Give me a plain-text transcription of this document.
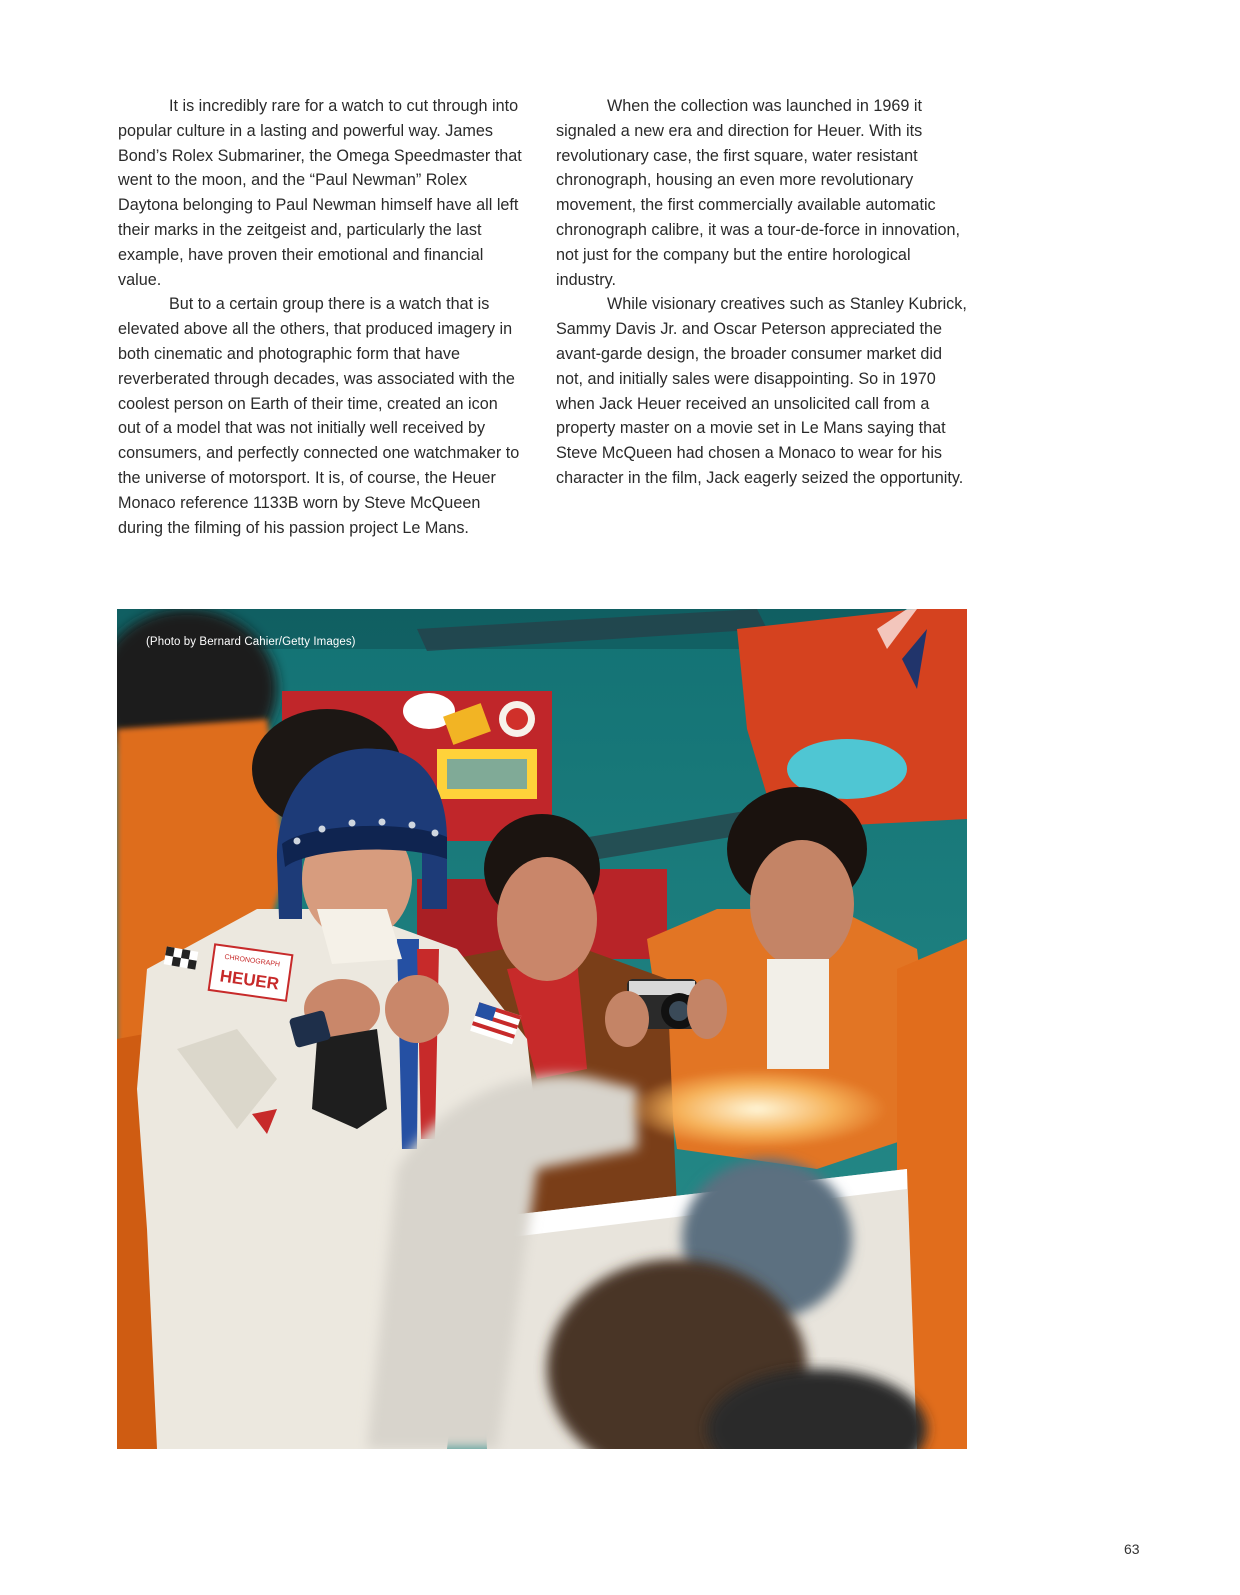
It is incredibly rare for a watch to cut through into popular culture in a lasting and powerful way. James Bond’s Rolex Submariner, the Omega Speedmaster that went to the moon, and the “Paul Newman” Rolex Daytona belonging to Paul Newman himself have all left their marks in the zeitgeist and, particularly the last example, have proven their emotional and financial value.

But to a certain group there is a watch that is elevated above all the others, that produced imagery in both cinematic and photographic form that have reverberated through decades, was associated with the coolest person on Earth of their time, created an icon out of a model that was not initially well received by consumers, and perfectly connected one watchmaker to the universe of motorsport. It is, of course, the Heuer Monaco reference 1133B worn by Steve McQueen during the filming of his passion project Le Mans.

When the collection was launched in 1969 it signaled a new era and direction for Heuer. With its revolutionary case, the first square, water resistant chronograph, housing an even more revolutionary movement, the first commercially available automatic chronograph calibre, it was a tour-de-force in innovation, not just for the company but the entire horological industry.

While visionary creatives such as Stanley Kubrick, Sammy Davis Jr. and Oscar Peterson appreciated the avant-garde design, the broader consumer market did not, and initially sales were disappointing. So in 1970 when Jack Heuer received an unsolicited call from a property master on a movie set in Le Mans saying that Steve McQueen had chosen a Monaco to wear for his character in the film, Jack eagerly seized the opportunity.

CHRONOGRAPH
HEUER
(Photo by Bernard Cahier/Getty Images)
63
